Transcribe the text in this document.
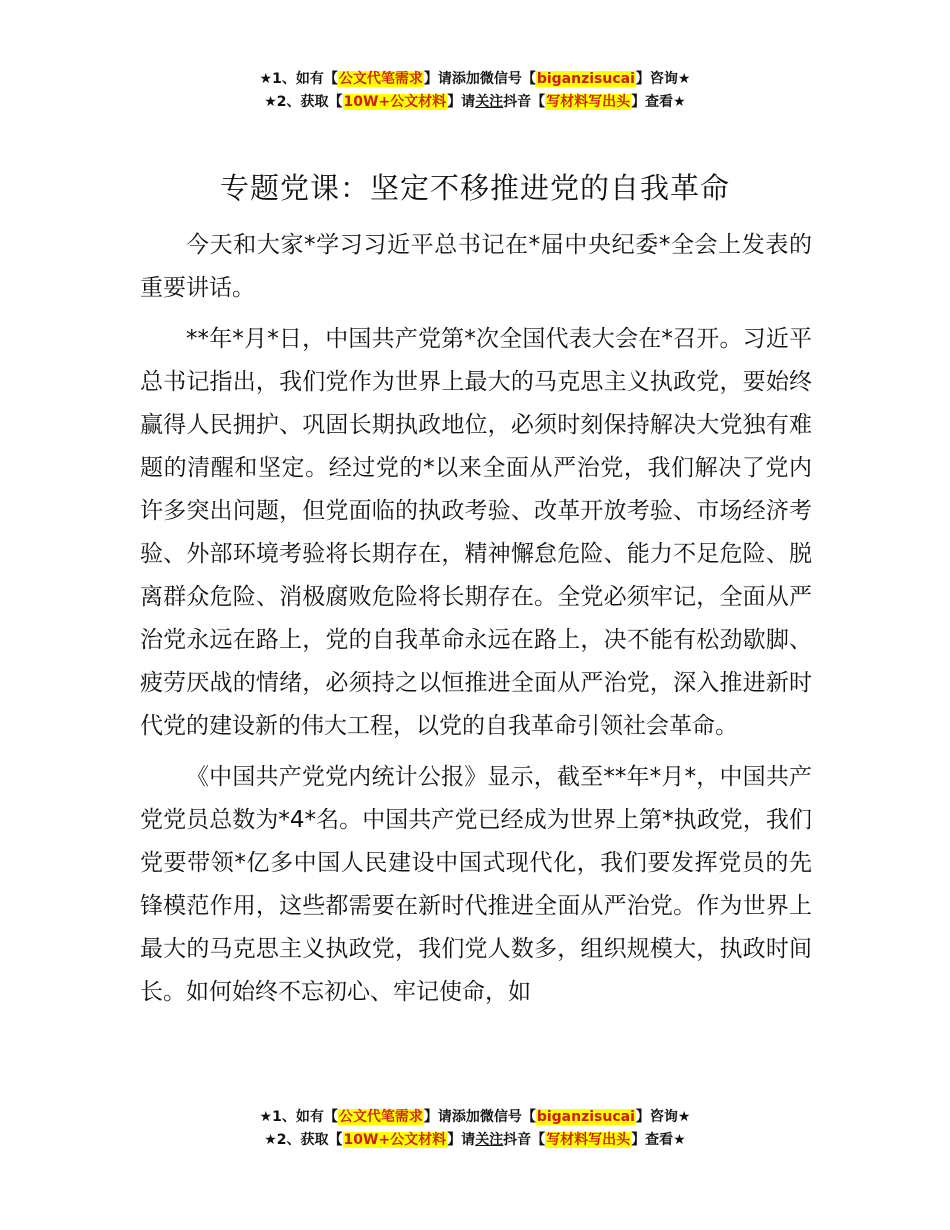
★1、如有【公文代笔需求】请添加微信号【biganzisucai】咨询★
★2、获取【10W+公文材料】请关注抖音【写材料写出头】查看★
专题党课：坚定不移推进党的自我革命

今天和大家*学习习近平总书记在*届中央纪委*全会上发表的重要讲话。

**年*月*日，中国共产党第*次全国代表大会在*召开。习近平总书记指出，我们党作为世界上最大的马克思主义执政党，要始终赢得人民拥护、巩固长期执政地位，必须时刻保持解决大党独有难题的清醒和坚定。经过党的*以来全面从严治党，我们解决了党内许多突出问题，但党面临的执政考验、改革开放考验、市场经济考验、外部环境考验将长期存在，精神懈怠危险、能力不足危险、脱离群众危险、消极腐败危险将长期存在。全党必须牢记，全面从严治党永远在路上，党的自我革命永远在路上，决不能有松劲歇脚、疲劳厌战的情绪，必须持之以恒推进全面从严治党，深入推进新时代党的建设新的伟大工程，以党的自我革命引领社会革命。

《中国共产党党内统计公报》显示，截至**年*月*，中国共产党党员总数为*4*名。中国共产党已经成为世界上第*执政党，我们党要带领*亿多中国人民建设中国式现代化，我们要发挥党员的先锋模范作用，这些都需要在新时代推进全面从严治党。作为世界上最大的马克思主义执政党，我们党人数多，组织规模大，执政时间长。如何始终不忘初心、牢记使命，如

★1、如有【公文代笔需求】请添加微信号【biganzisucai】咨询★
★2、获取【10W+公文材料】请关注抖音【写材料写出头】查看★
